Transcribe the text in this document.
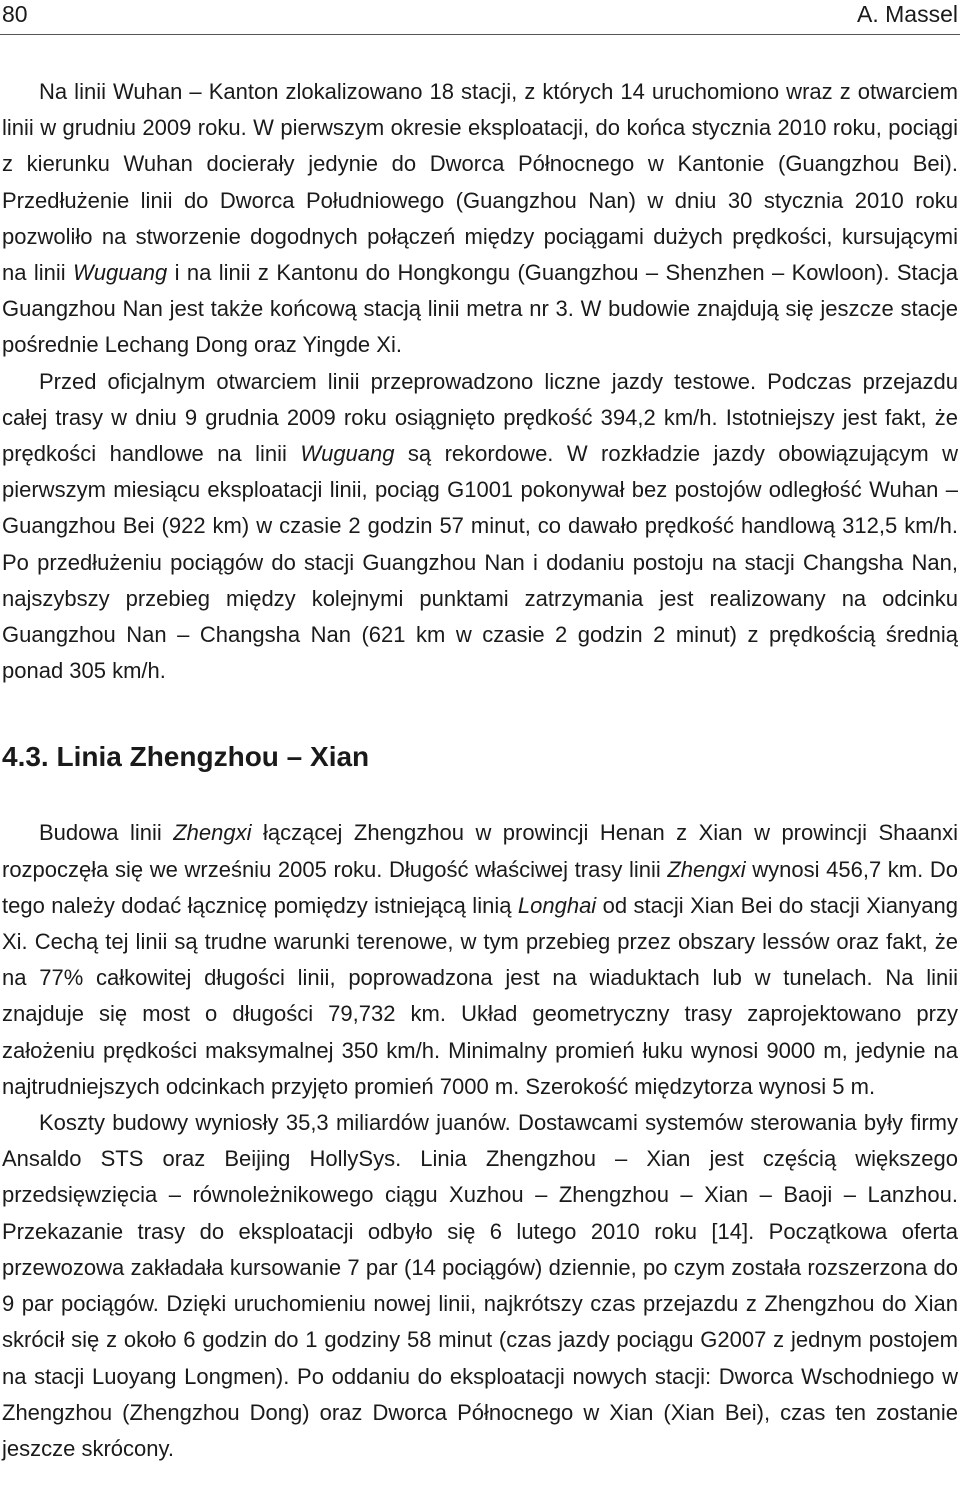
80	A. Massel

Na linii Wuhan – Kanton zlokalizowano 18 stacji, z których 14 uruchomiono wraz z otwarciem linii w grudniu 2009 roku. W pierwszym okresie eksploatacji, do końca stycznia 2010 roku, pociągi z kierunku Wuhan docierały jedynie do Dworca Północnego w Kantonie (Guangzhou Bei). Przedłużenie linii do Dworca Południowego (Guangzhou Nan) w dniu 30 stycznia 2010 roku pozwoliło na stworzenie dogodnych połączeń między pociągami dużych prędkości, kursującymi na linii Wuguang i na linii z Kantonu do Hongkongu (Guangzhou – Shenzhen – Kowloon). Stacja Guangzhou Nan jest także końcową stacją linii metra nr 3. W budowie znajdują się jeszcze stacje pośrednie Lechang Dong oraz Yingde Xi.

Przed oficjalnym otwarciem linii przeprowadzono liczne jazdy testowe. Podczas przejazdu całej trasy w dniu 9 grudnia 2009 roku osiągnięto prędkość 394,2 km/h. Istotniejszy jest fakt, że prędkości handlowe na linii Wuguang są rekordowe. W rozkładzie jazdy obowiązującym w pierwszym miesiącu eksploatacji linii, pociąg G1001 pokonywał bez postojów odległość Wuhan – Guangzhou Bei (922 km) w czasie 2 godzin 57 minut, co dawało prędkość handlową 312,5 km/h. Po przedłużeniu pociągów do stacji Guangzhou Nan i dodaniu postoju na stacji Changsha Nan, najszybszy przebieg między kolejnymi punktami zatrzymania jest realizowany na odcinku Guangzhou Nan – Changsha Nan (621 km w czasie 2 godzin 2 minut) z prędkością średnią ponad 305 km/h.

4.3. Linia Zhengzhou – Xian

Budowa linii Zhengxi łączącej Zhengzhou w prowincji Henan z Xian w prowincji Shaanxi rozpoczęła się we wrześniu 2005 roku. Długość właściwej trasy linii Zhengxi wynosi 456,7 km. Do tego należy dodać łącznicę pomiędzy istniejącą linią Longhai od stacji Xian Bei do stacji Xianyang Xi. Cechą tej linii są trudne warunki terenowe, w tym przebieg przez obszary lessów oraz fakt, że na 77% całkowitej długości linii, poprowadzona jest na wiaduktach lub w tunelach. Na linii znajduje się most o długości 79,732 km. Układ geometryczny trasy zaprojektowano przy założeniu prędkości maksymalnej 350 km/h. Minimalny promień łuku wynosi 9000 m, jedynie na najtrudniejszych odcinkach przyjęto promień 7000 m. Szerokość międzytorza wynosi 5 m.

Koszty budowy wyniosły 35,3 miliardów juanów. Dostawcami systemów sterowania były firmy Ansaldo STS oraz Beijing HollySys. Linia Zhengzhou – Xian jest częścią większego przedsięwzięcia – równoleżnikowego ciągu Xuzhou – Zhengzhou – Xian – Baoji – Lanzhou. Przekazanie trasy do eksploatacji odbyło się 6 lutego 2010 roku [14]. Początkowa oferta przewozowa zakładała kursowanie 7 par (14 pociągów) dziennie, po czym została rozszerzona do 9 par pociągów. Dzięki uruchomieniu nowej linii, najkrótszy czas przejazdu z Zhengzhou do Xian skrócił się z około 6 godzin do 1 godziny 58 minut (czas jazdy pociągu G2007 z jednym postojem na stacji Luoyang Longmen). Po oddaniu do eksploatacji nowych stacji: Dworca Wschodniego w Zhengzhou (Zhengzhou Dong) oraz Dworca Północnego w Xian (Xian Bei), czas ten zostanie jeszcze skrócony.
